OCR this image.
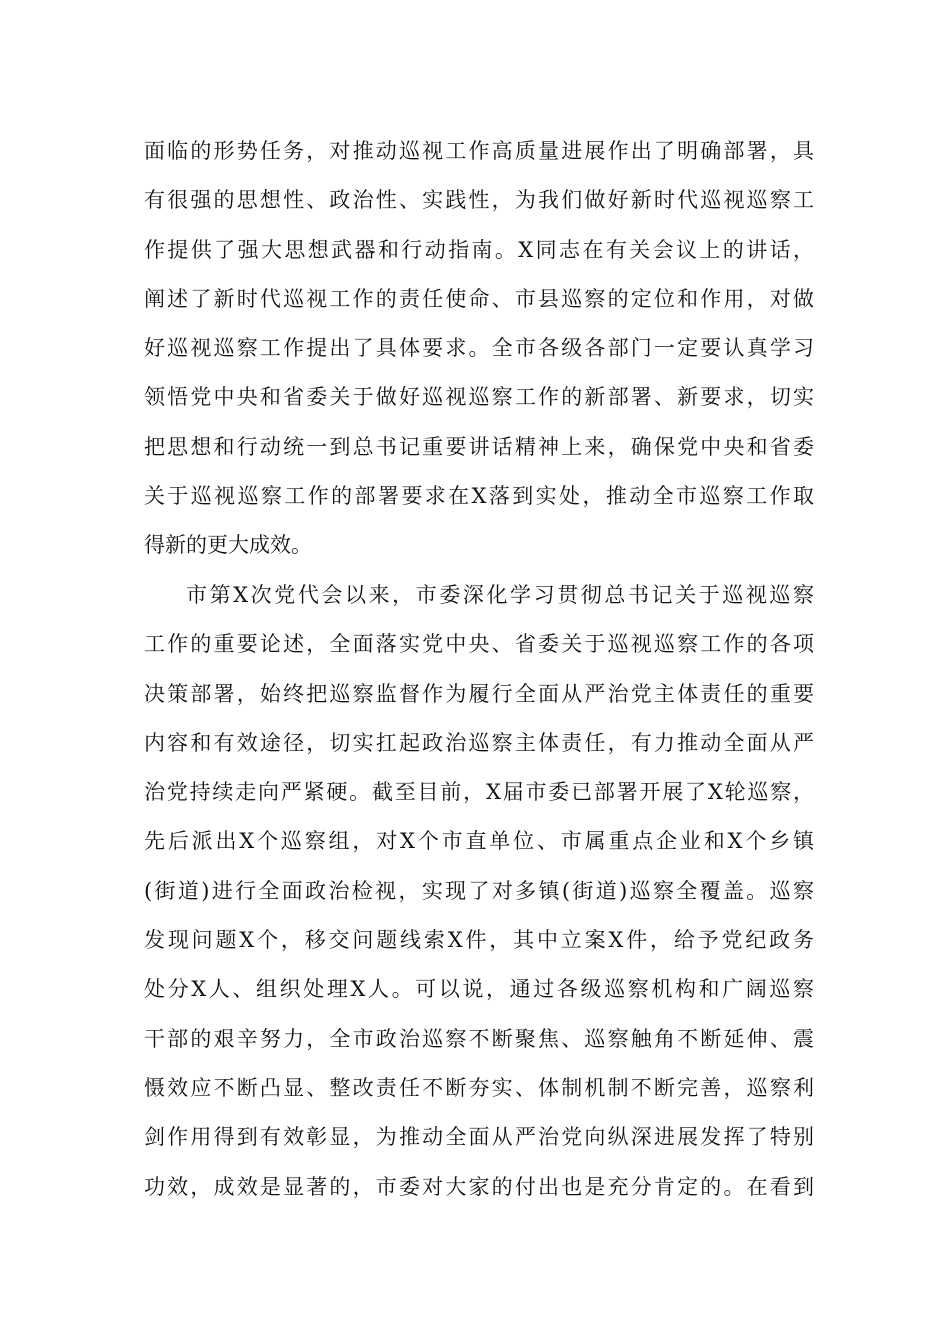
面临的形势任务，对推动巡视工作高质量进展作出了明确部署，具
有很强的思想性、政治性、实践性，为我们做好新时代巡视巡察工
作提供了强大思想武器和行动指南。X同志在有关会议上的讲话，
阐述了新时代巡视工作的责任使命、市县巡察的定位和作用，对做
好巡视巡察工作提出了具体要求。全市各级各部门一定要认真学习
领悟党中央和省委关于做好巡视巡察工作的新部署、新要求，切实
把思想和行动统一到总书记重要讲话精神上来，确保党中央和省委
关于巡视巡察工作的部署要求在X落到实处，推动全市巡察工作取
得新的更大成效。
市第X次党代会以来，市委深化学习贯彻总书记关于巡视巡察
工作的重要论述，全面落实党中央、省委关于巡视巡察工作的各项
决策部署，始终把巡察监督作为履行全面从严治党主体责任的重要
内容和有效途径，切实扛起政治巡察主体责任，有力推动全面从严
治党持续走向严紧硬。截至目前，X届市委已部署开展了X轮巡察，
先后派出X个巡察组，对X个市直单位、市属重点企业和X个乡镇
(街道)进行全面政治检视，实现了对多镇(街道)巡察全覆盖。巡察
发现问题X个，移交问题线索X件，其中立案X件，给予党纪政务
处分X人、组织处理X人。可以说，通过各级巡察机构和广阔巡察
干部的艰辛努力，全市政治巡察不断聚焦、巡察触角不断延伸、震
慑效应不断凸显、整改责任不断夯实、体制机制不断完善，巡察利
剑作用得到有效彰显，为推动全面从严治党向纵深进展发挥了特别
功效，成效是显著的，市委对大家的付出也是充分肯定的。在看到
